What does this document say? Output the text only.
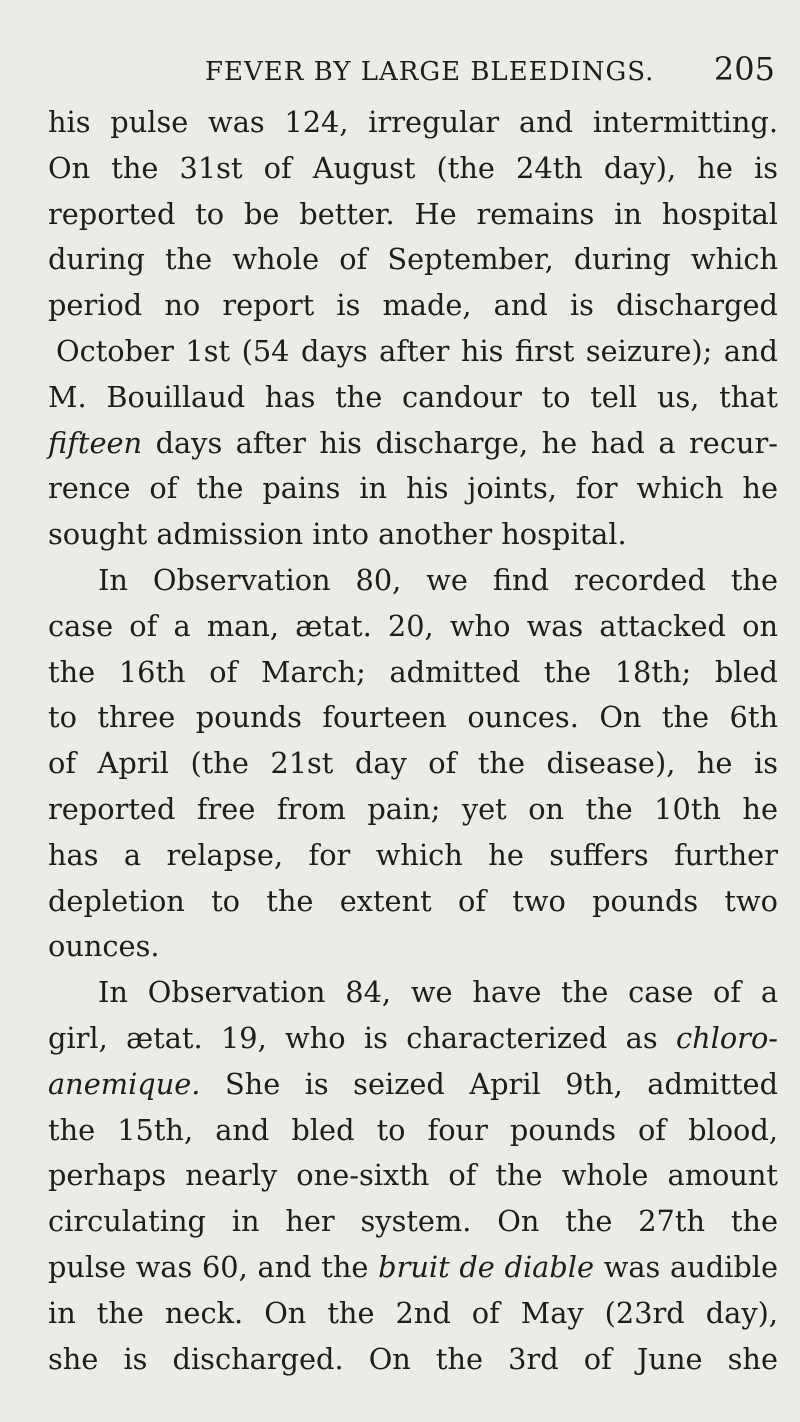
FEVER BY LARGE BLEEDINGS. 205
his pulse was 124, irregular and intermitting.
On the 31st of August (the 24th day), he is
reported to be better. He remains in hospital
during the whole of September, during which
period no report is made, and is discharged
October 1st (54 days after his first seizure); and
M. Bouillaud has the candour to tell us, that
fifteen days after his discharge, he had a recur-
rence of the pains in his joints, for which he
sought admission into another hospital.
In Observation 80, we find recorded the
case of a man, ætat. 20, who was attacked on
the 16th of March; admitted the 18th; bled
to three pounds fourteen ounces. On the 6th
of April (the 21st day of the disease), he is
reported free from pain; yet on the 10th he
has a relapse, for which he suffers further
depletion to the extent of two pounds two
ounces.
In Observation 84, we have the case of a
girl, ætat. 19, who is characterized as chloro-
anemique. She is seized April 9th, admitted
the 15th, and bled to four pounds of blood,
perhaps nearly one-sixth of the whole amount
circulating in her system. On the 27th the
pulse was 60, and the bruit de diable was audible
in the neck. On the 2nd of May (23rd day),
she is discharged. On the 3rd of June she
